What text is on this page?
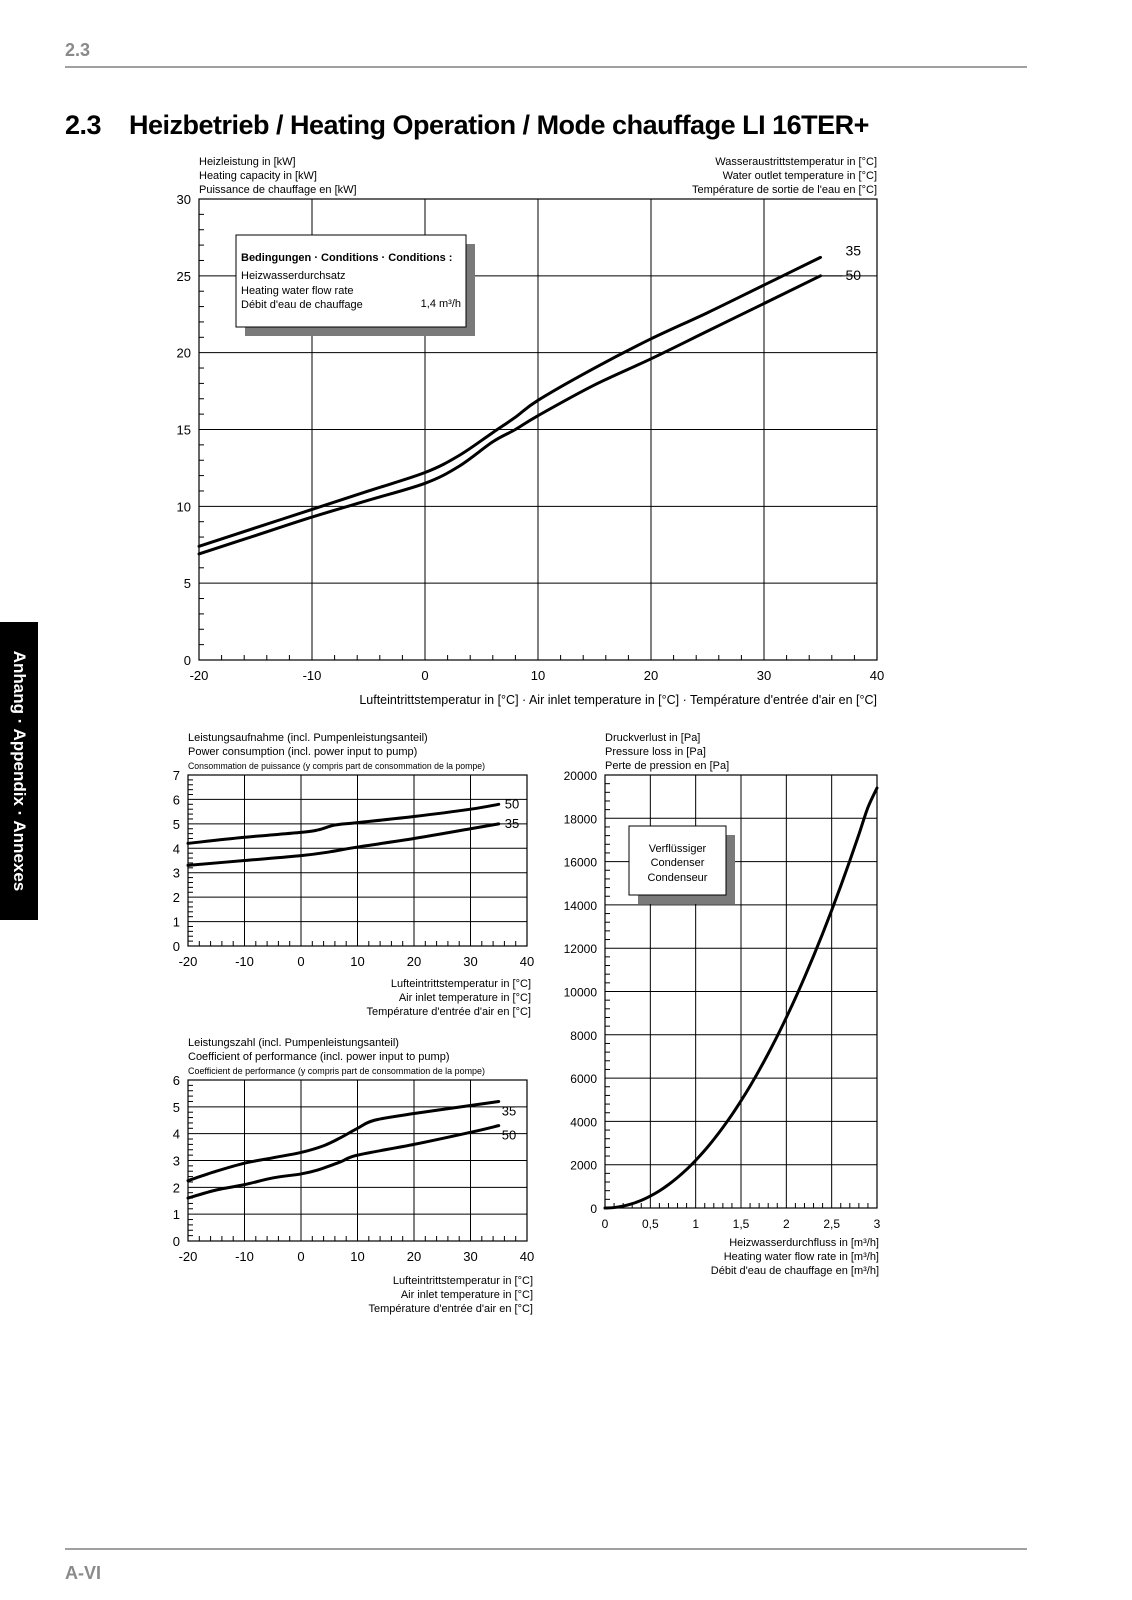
2.3
2.3 Heizbetrieb / Heating Operation / Mode chauffage LI 16TER+
Anhang · Appendix · Annexes
A-VI
-20	-10	0	10	20	30	40
0
5
10
15
20
25
30
Heizleistung in [kW]
Heating capacity in [kW]
Puissance de chauffage en [kW]
Wasseraustrittstemperatur in [°C]
Water outlet temperature in [°C]
Température de sortie de l'eau en [°C]
Lufteintrittstemperatur in [°C] · Air inlet temperature in [°C] · Température d'entrée d'air en [°C]
35
50
-20	-10	0	10	20	30	40
0
1
2
3
4
5
6
7
Leistungsaufnahme (incl. Pumpenleistungsanteil)
Power consumption (incl. power input to pump)
Consommation de puissance (y compris part de consommation de la pompe)
Lufteintrittstemperatur in [°C]
Air inlet temperature in [°C]
Température d'entrée d'air en [°C]
50
35
-20	-10	0	10	20	30	40
0
1
2
3
4
5
6
Leistungszahl (incl. Pumpenleistungsanteil)
Coefficient of performance (incl. power input to pump)
Coefficient de performance (y compris part de consommation de la pompe)
Lufteintrittstemperatur in [°C]
Air inlet temperature in [°C]
Température d'entrée d'air en [°C]
35
50
0	0,5	1	1,5	2	2,5	3
0
2000
4000
6000
8000
10000
12000
14000
16000
18000
20000
Druckverlust in [Pa]
Pressure loss in [Pa]
Perte de pression en [Pa]
Heizwasserdurchfluss in [m³/h]
Heating water flow rate in [m³/h]
Débit d'eau de chauffage en [m³/h]
Bedingungen · Conditions · Conditions :
Heizwasserdurchsatz
Heating water flow rate
Débit d'eau de chauffage	1,4 m³/h
Verflüssiger
Condenser
Condenseur
